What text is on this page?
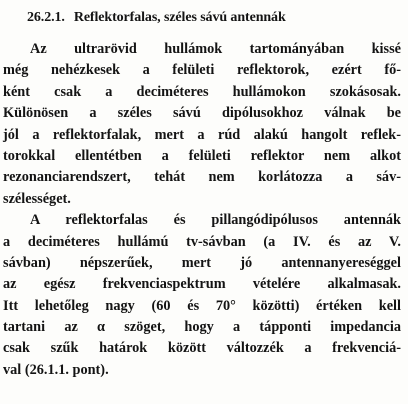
26.2.1. Reflektorfalas, széles sávú antennák

Az ultrarövid hullámok tartományában kissé
még nehézkesek a felületi reflektorok, ezért fő-
ként csak a deciméteres hullámokon szokásosak.
Különösen a széles sávú dipólusokhoz válnak be
jól a reflektorfalak, mert a rúd alakú hangolt reflek-
torokkal ellentétben a felületi reflektor nem alkot
rezonanciarendszert, tehát nem korlátozza a sáv-
szélességet.

A reflektorfalas és pillangódipólusos antennák
a deciméteres hullámú tv-sávban (a IV. és az V.
sávban) népszerűek, mert jó antennanyereséggel
az egész frekvenciaspektrum vételére alkalmasak.
Itt lehetőleg nagy (60 és 70° közötti) értéken kell
tartani az α szöget, hogy a tápponti impedancia
csak szűk határok között változzék a frekvenciá-
val (26.1.1. pont).
